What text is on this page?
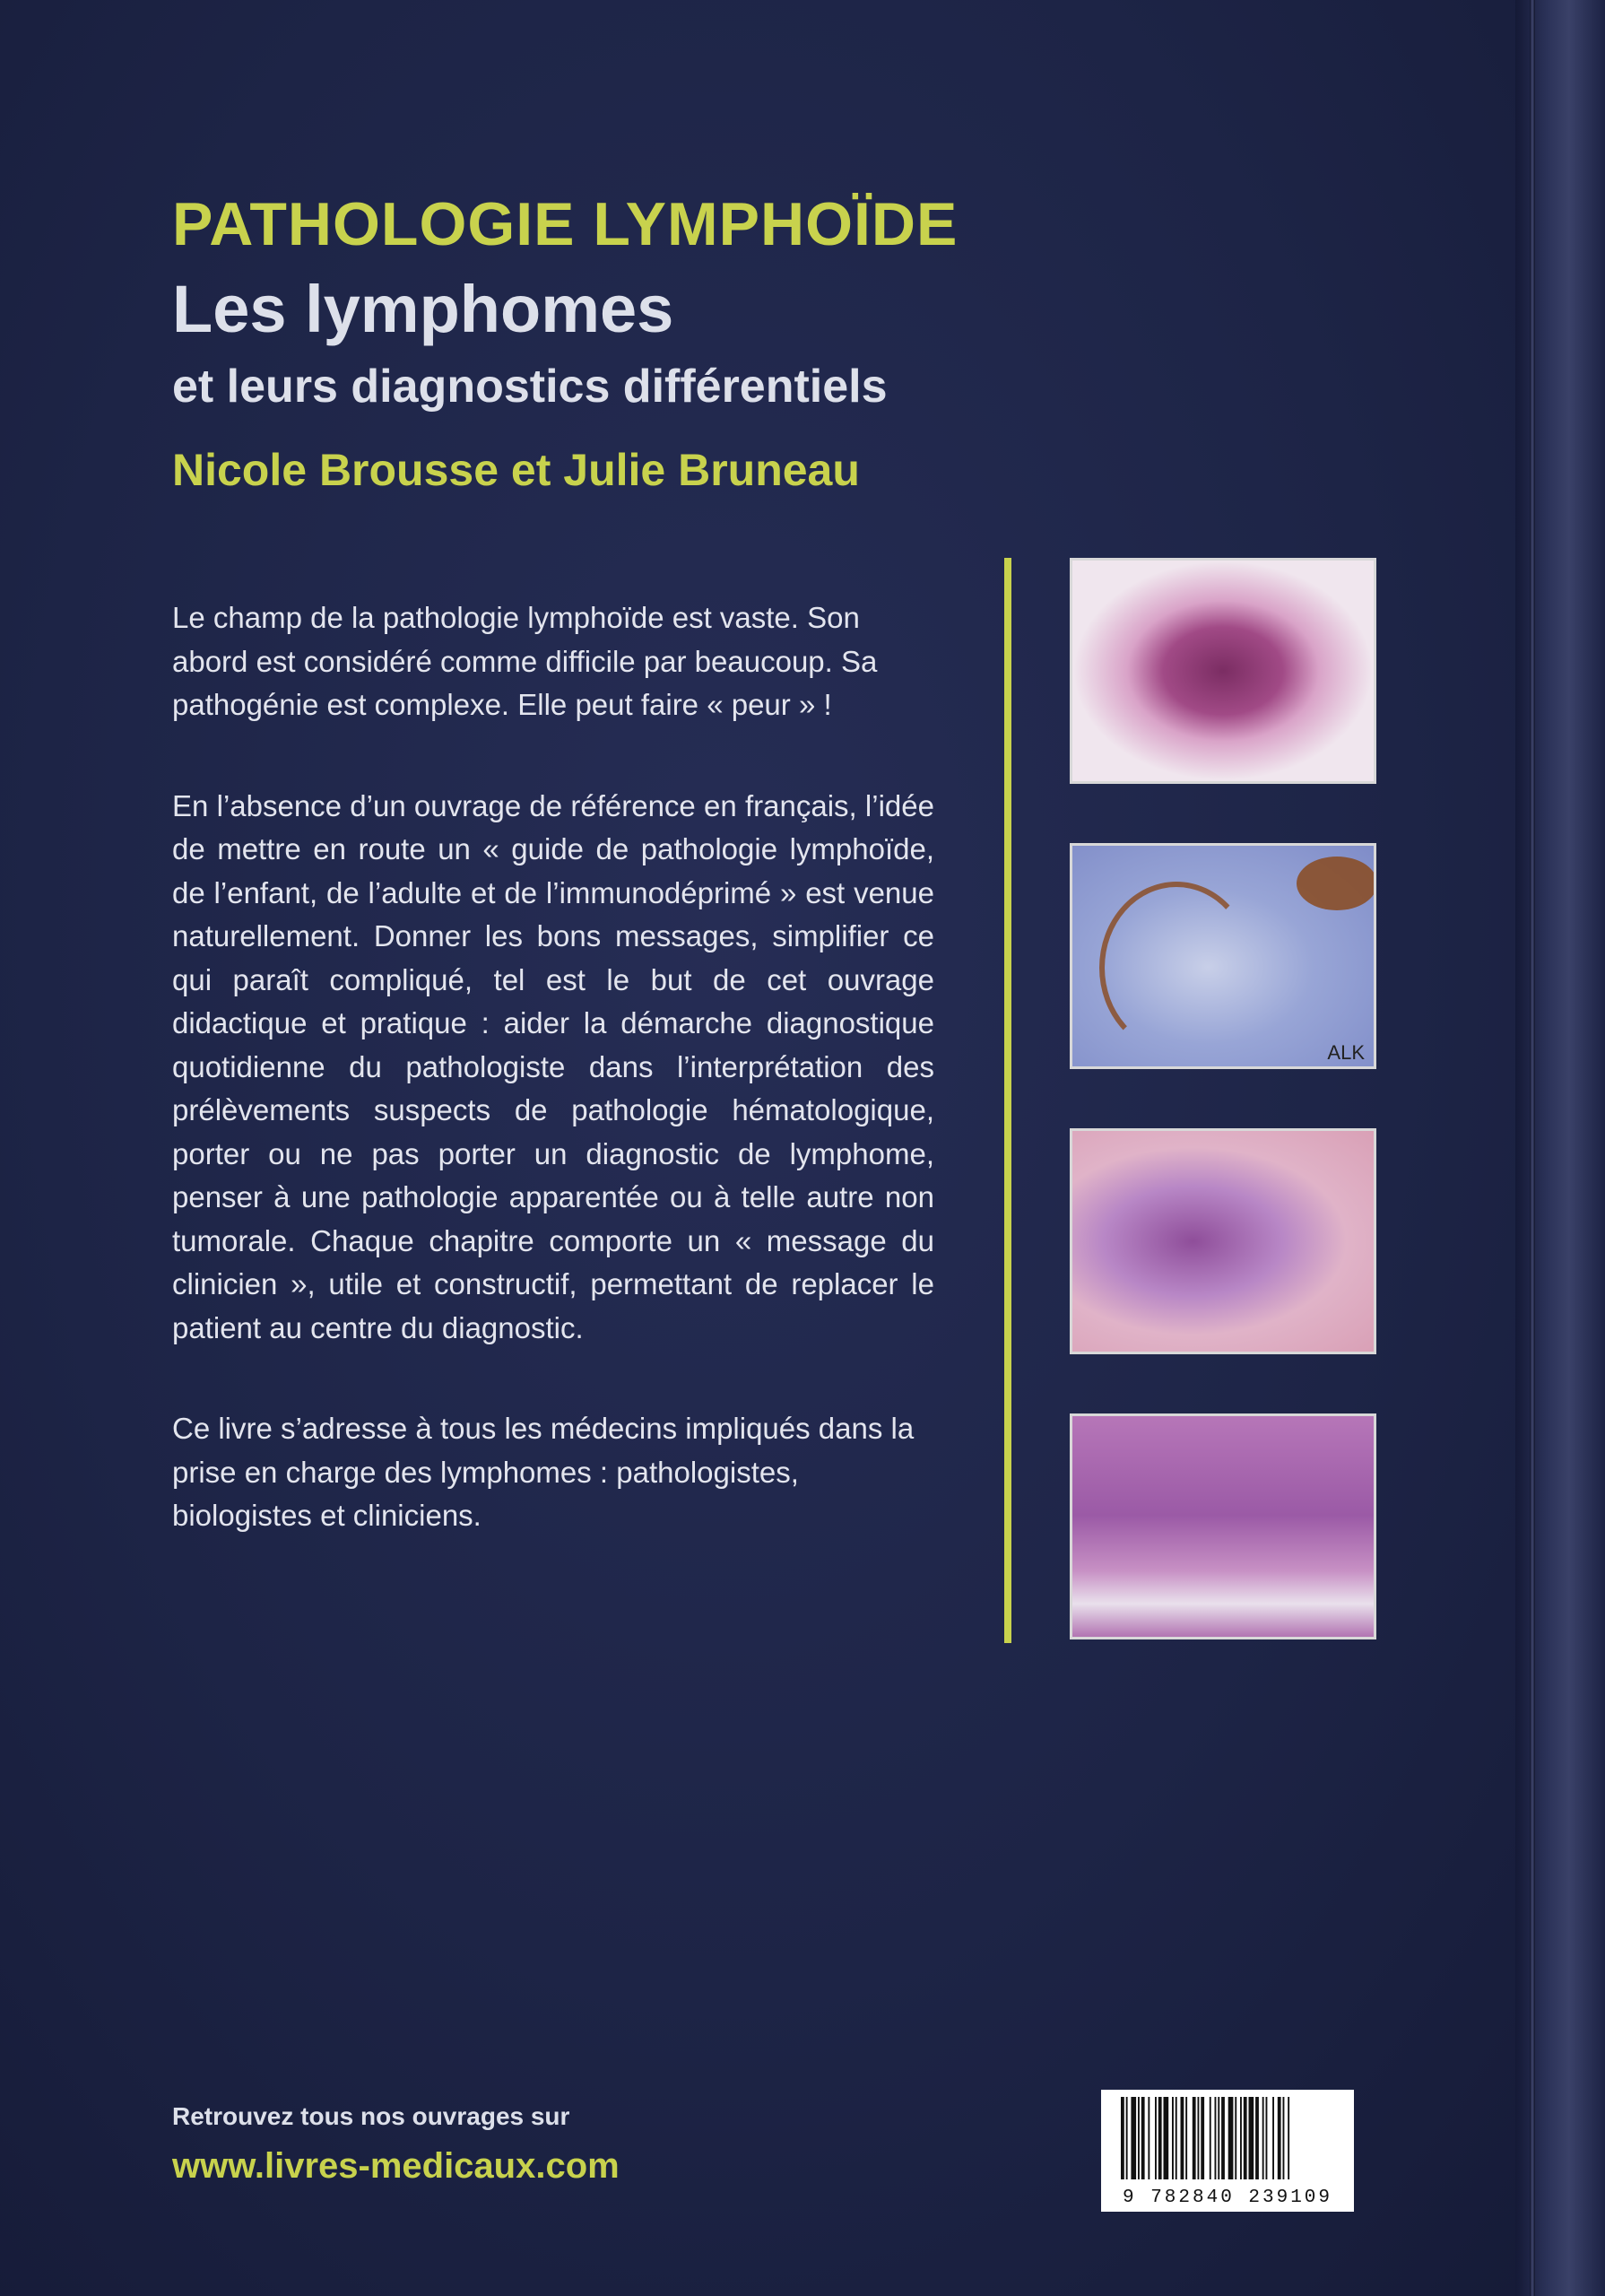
PATHOLOGIE LYMPHOÏDE
Les lymphomes
et leurs diagnostics différentiels

Nicole Brousse et Julie Bruneau

Le champ de la pathologie lymphoïde est vaste. Son abord est considéré comme difficile par beaucoup. Sa pathogénie est complexe. Elle peut faire « peur » !

En l’absence d’un ouvrage de référence en français, l’idée de mettre en route un « guide de pathologie lymphoïde, de l’enfant, de l’adulte et de l’immunodéprimé » est venue naturellement. Donner les bons messages, simplifier ce qui paraît compliqué, tel est le but de cet ouvrage didactique et pratique : aider la démarche diagnostique quotidienne du pathologiste dans l’interprétation des prélèvements suspects de pathologie hématologique, porter ou ne pas porter un diagnostic de lymphome, penser à une pathologie apparentée ou à telle autre non tumorale. Chaque chapitre comporte un « message du clinicien », utile et constructif, permettant de replacer le patient au centre du diagnostic.

Ce livre s’adresse à tous les médecins impliqués dans la prise en charge des lymphomes : pathologistes, biologistes et cliniciens.

ALK

Retrouvez tous nos ouvrages sur

www.livres-medicaux.com

9 782840 239109
